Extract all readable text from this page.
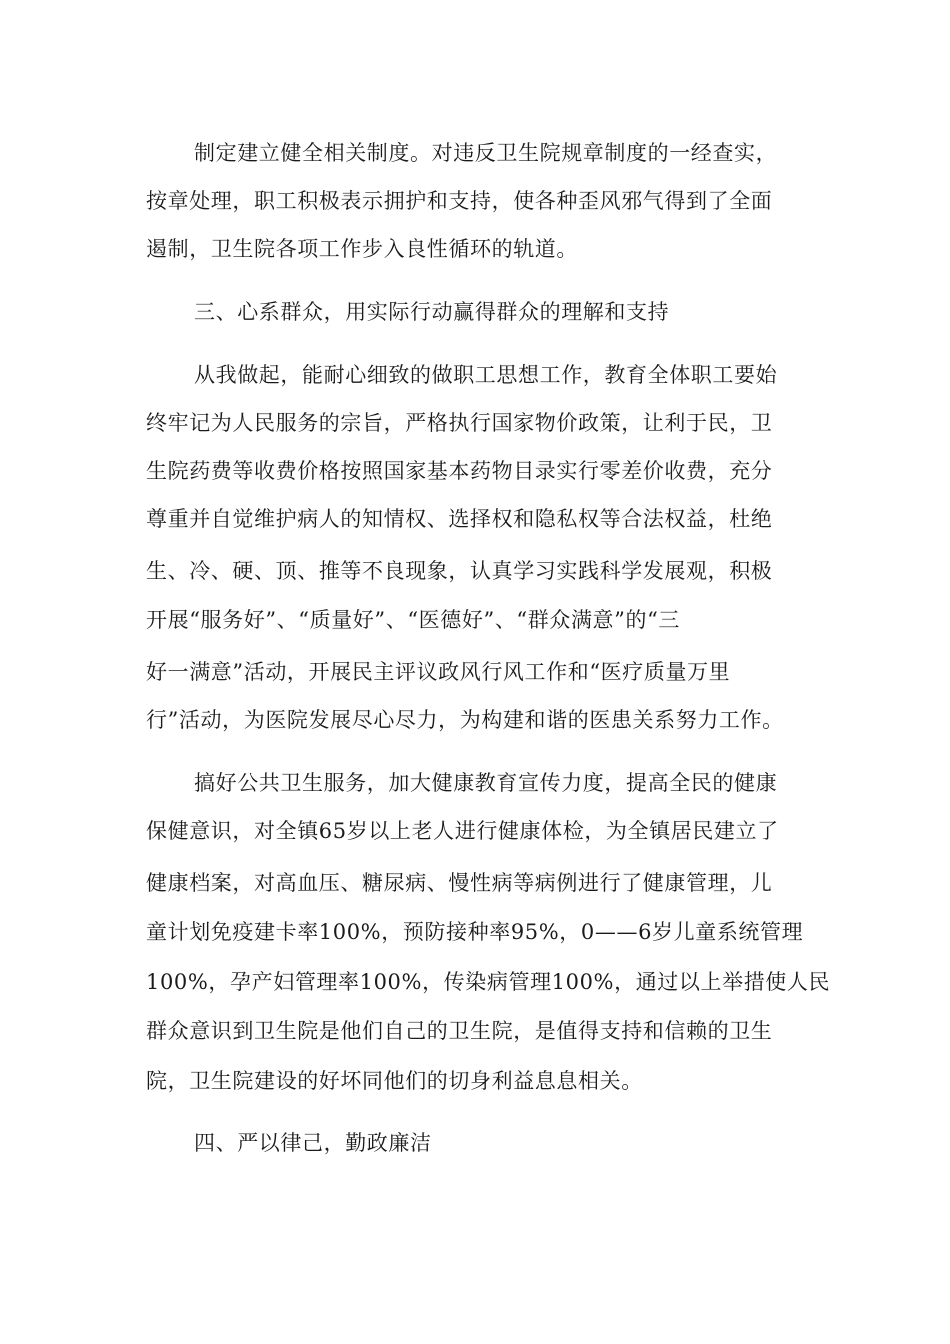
制定建立健全相关制度。对违反卫生院规章制度的一经查实，
按章处理，职工积极表示拥护和支持，使各种歪风邪气得到了全面
遏制，卫生院各项工作步入良性循环的轨道。
三、心系群众，用实际行动赢得群众的理解和支持
从我做起，能耐心细致的做职工思想工作，教育全体职工要始
终牢记为人民服务的宗旨，严格执行国家物价政策，让利于民，卫
生院药费等收费价格按照国家基本药物目录实行零差价收费，充分
尊重并自觉维护病人的知情权、选择权和隐私权等合法权益，杜绝
生、冷、硬、顶、推等不良现象，认真学习实践科学发展观，积极
开展“服务好”、“质量好”、“医德好”、“群众满意”的“三
好一满意”活动，开展民主评议政风行风工作和“医疗质量万里
行”活动，为医院发展尽心尽力，为构建和谐的医患关系努力工作。
搞好公共卫生服务，加大健康教育宣传力度，提高全民的健康
保健意识，对全镇65岁以上老人进行健康体检，为全镇居民建立了
健康档案，对高血压、糖尿病、慢性病等病例进行了健康管理，儿
童计划免疫建卡率100%，预防接种率95%，0——6岁儿童系统管理
100%，孕产妇管理率100%，传染病管理100%，通过以上举措使人民
群众意识到卫生院是他们自己的卫生院，是值得支持和信赖的卫生
院，卫生院建设的好坏同他们的切身利益息息相关。
四、严以律己，勤政廉洁
